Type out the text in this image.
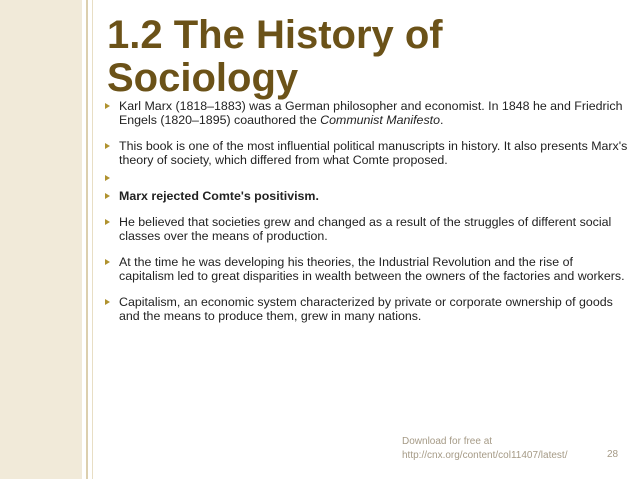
1.2 The History of
Sociology
Karl Marx (1818–1883) was a German philosopher and economist. In 1848 he and Friedrich Engels (1820–1895) coauthored the Communist Manifesto.
This book is one of the most influential political manuscripts in history. It also presents Marx's theory of society, which differed from what Comte proposed.

Marx rejected Comte's positivism.
He believed that societies grew and changed as a result of the struggles of different social classes over the means of production.
At the time he was developing his theories, the Industrial Revolution and the rise of capitalism led to great disparities in wealth between the owners of the factories and workers.
Capitalism, an economic system characterized by private or corporate ownership of goods and the means to produce them, grew in many nations.
Download for free at
http://cnx.org/content/col11407/latest/	28
